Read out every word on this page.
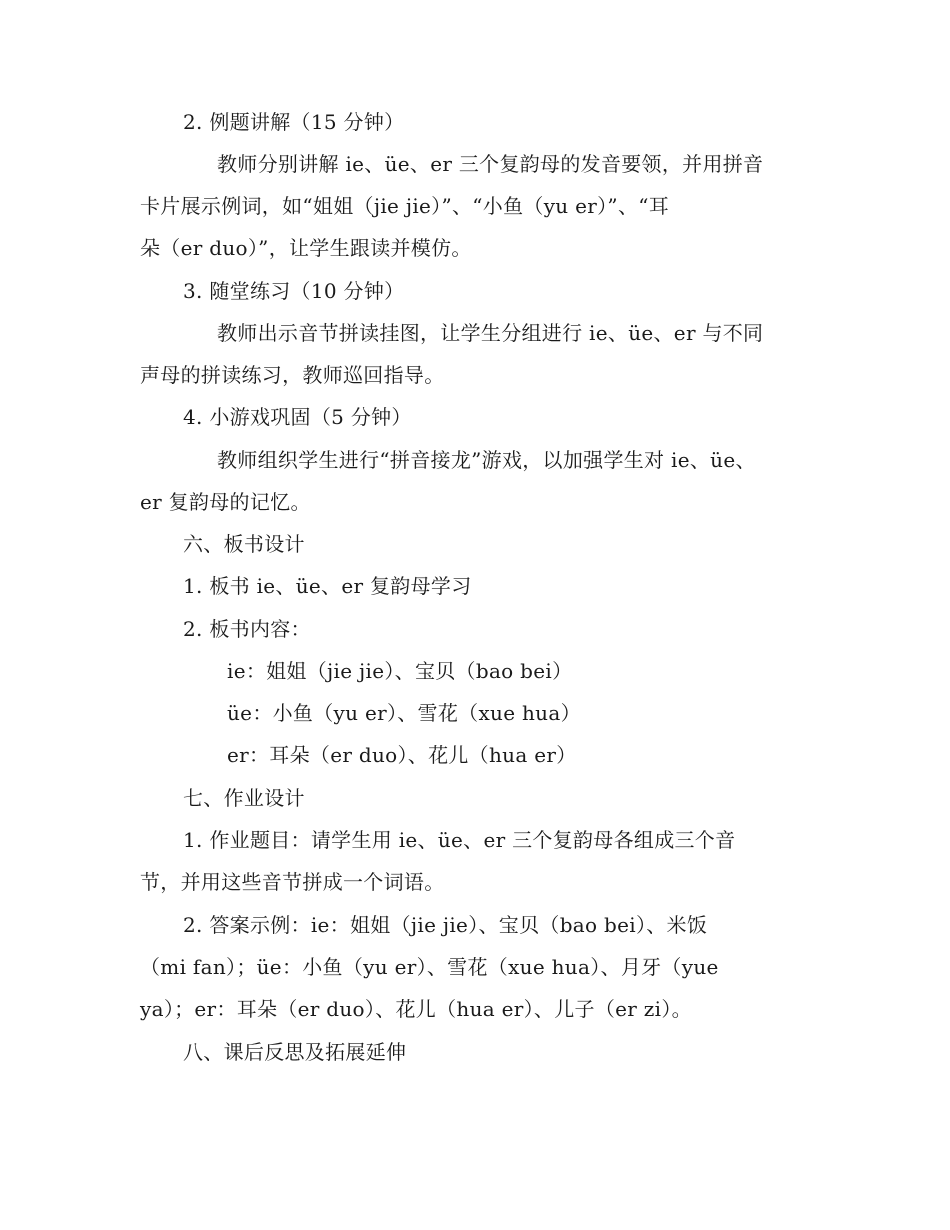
2. 例题讲解（15 分钟）
教师分别讲解 ie、üe、er 三个复韵母的发音要领，并用拼音
卡片展示例词，如“姐姐（jie jie）”、“小鱼（yu er）”、“耳
朵（er duo）”，让学生跟读并模仿。
3. 随堂练习（10 分钟）
教师出示音节拼读挂图，让学生分组进行 ie、üe、er 与不同
声母的拼读练习，教师巡回指导。
4. 小游戏巩固（5 分钟）
教师组织学生进行“拼音接龙”游戏，以加强学生对 ie、üe、
er 复韵母的记忆。
六、板书设计
1. 板书 ie、üe、er 复韵母学习
2. 板书内容：
ie：姐姐（jie jie）、宝贝（bao bei）
üe：小鱼（yu er）、雪花（xue hua）
er：耳朵（er duo）、花儿（hua er）
七、作业设计
1. 作业题目：请学生用 ie、üe、er 三个复韵母各组成三个音
节，并用这些音节拼成一个词语。
2. 答案示例：ie：姐姐（jie jie）、宝贝（bao bei）、米饭
（mi fan）；üe：小鱼（yu er）、雪花（xue hua）、月牙（yue
ya）；er：耳朵（er duo）、花儿（hua er）、儿子（er zi）。
八、课后反思及拓展延伸
